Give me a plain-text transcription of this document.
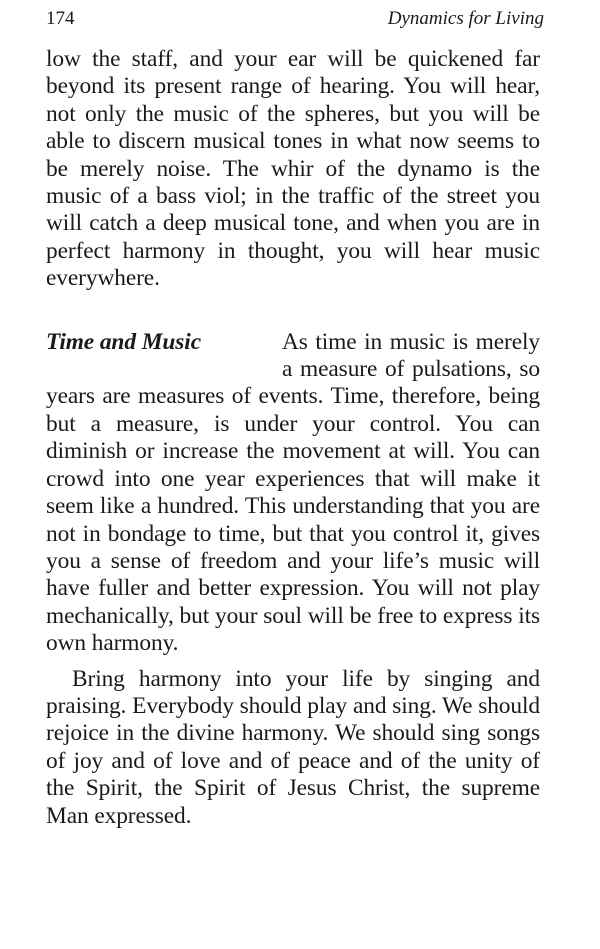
174	Dynamics for Living

low the staff, and your ear will be quickened far beyond its present range of hearing. You will hear, not only the music of the spheres, but you will be able to discern musical tones in what now seems to be merely noise. The whir of the dynamo is the music of a bass viol; in the traffic of the street you will catch a deep musical tone, and when you are in perfect harmony in thought, you will hear music everywhere.

Time and Music	As time in music is merely a measure of pulsations, so years are measures of events. Time, therefore, being but a measure, is under your control. You can diminish or increase the movement at will. You can crowd into one year experiences that will make it seem like a hundred. This understanding that you are not in bondage to time, but that you control it, gives you a sense of freedom and your life’s music will have fuller and better expression. You will not play mechanically, but your soul will be free to express its own harmony.

Bring harmony into your life by singing and praising. Everybody should play and sing. We should rejoice in the divine harmony. We should sing songs of joy and of love and of peace and of the unity of the Spirit, the Spirit of Jesus Christ, the supreme Man expressed.
